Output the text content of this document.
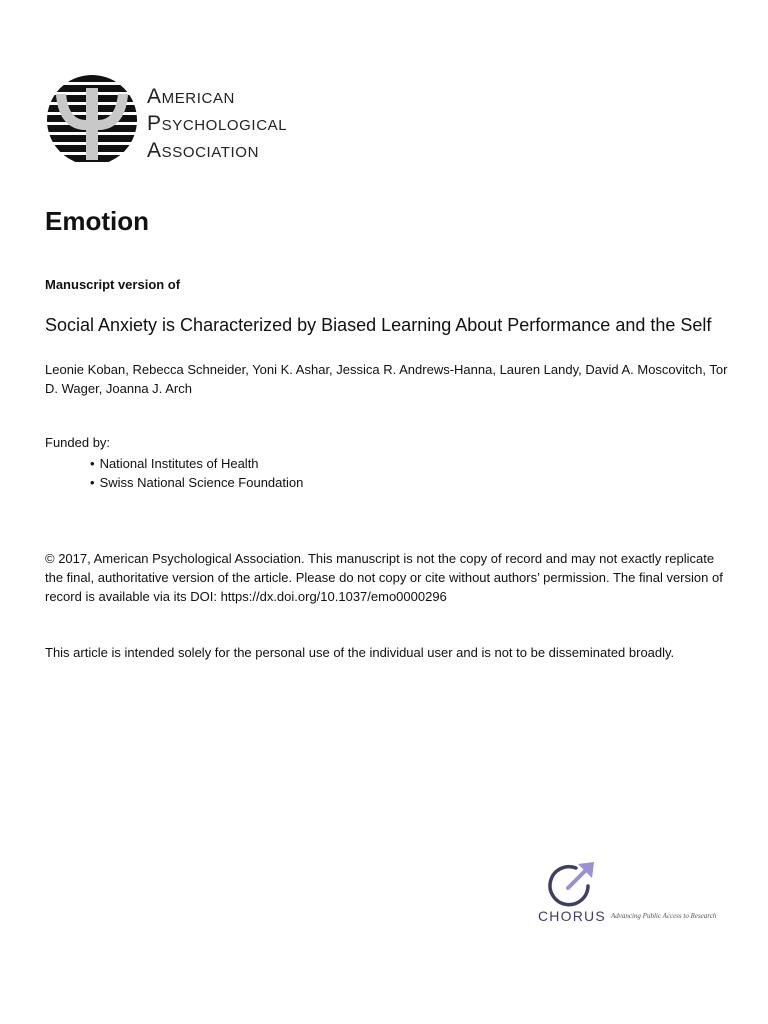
American
Psychological
Association
Emotion
Manuscript version of
Social Anxiety is Characterized by Biased Learning About Performance and the Self
Leonie Koban, Rebecca Schneider, Yoni K. Ashar, Jessica R. Andrews-Hanna, Lauren Landy, David A. Moscovitch, Tor D. Wager, Joanna J. Arch
Funded by:
• National Institutes of Health
• Swiss National Science Foundation
© 2017, American Psychological Association. This manuscript is not the copy of record and may not exactly replicate the final, authoritative version of the article. Please do not copy or cite without authors’ permission. The final version of record is available via its DOI: https://dx.doi.org/10.1037/emo0000296
This article is intended solely for the personal use of the individual user and is not to be disseminated broadly.
CHORUS Advancing Public Access to Research
